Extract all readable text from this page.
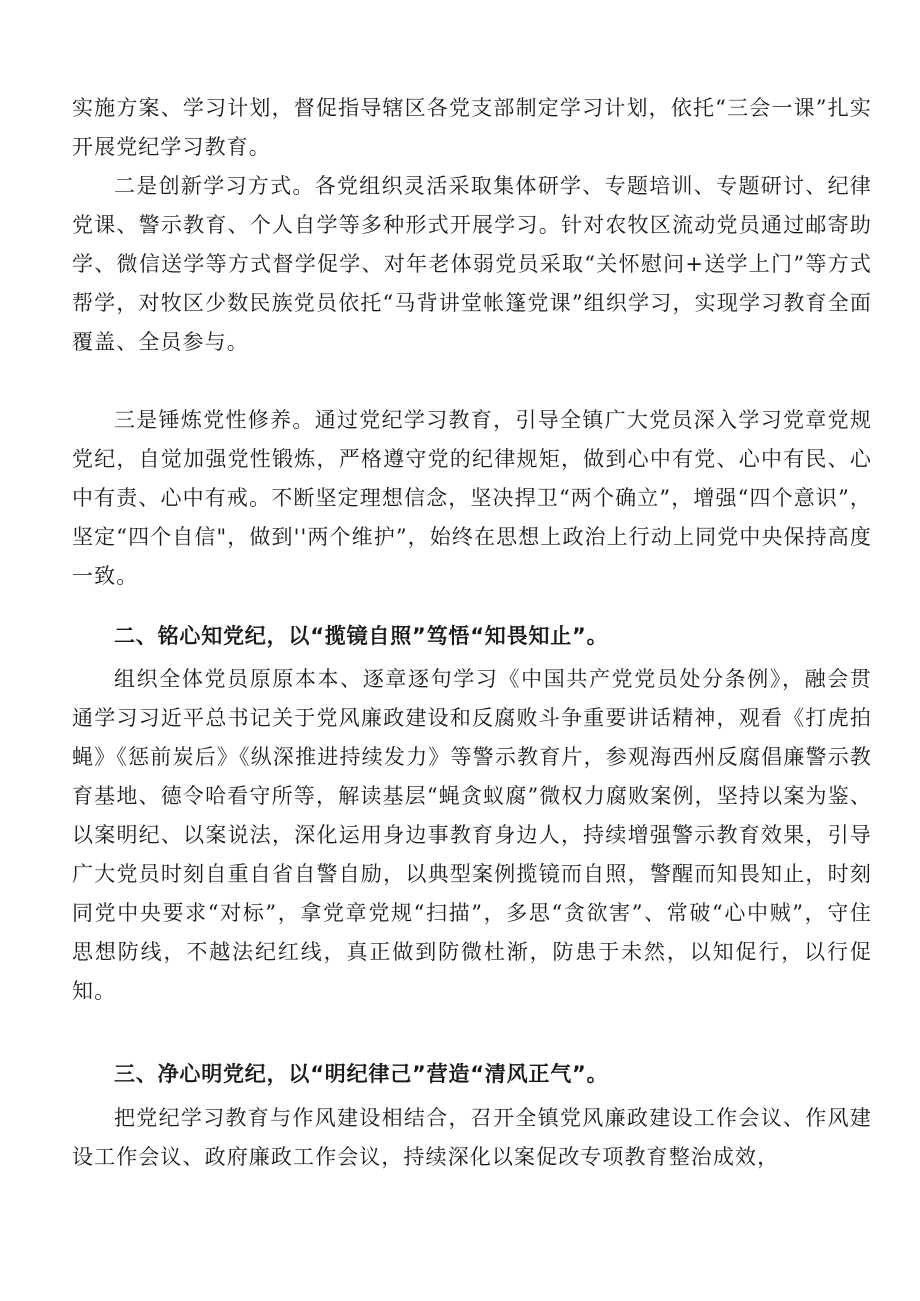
实施方案、学习计划，督促指导辖区各党支部制定学习计划，依托“三会一课”扎实开展党纪学习教育。

二是创新学习方式。各党组织灵活采取集体研学、专题培训、专题研讨、纪律党课、警示教育、个人自学等多种形式开展学习。针对农牧区流动党员通过邮寄助学、微信送学等方式督学促学、对年老体弱党员采取“关怀慰问+送学上门”等方式帮学，对牧区少数民族党员依托“马背讲堂帐篷党课”组织学习，实现学习教育全面覆盖、全员参与。

三是锤炼党性修养。通过党纪学习教育，引导全镇广大党员深入学习党章党规党纪，自觉加强党性锻炼，严格遵守党的纪律规矩，做到心中有党、心中有民、心中有责、心中有戒。不断坚定理想信念，坚决捍卫“两个确立”，增强“四个意识”，坚定“四个自信"，做到''两个维护”，始终在思想上政治上行动上同党中央保持高度一致。

二、铭心知党纪，以“揽镜自照”笃悟“知畏知止”。

组织全体党员原原本本、逐章逐句学习《中国共产党党员处分条例》，融会贯通学习习近平总书记关于党风廉政建设和反腐败斗争重要讲话精神，观看《打虎拍蝇》《惩前炭后》《纵深推进持续发力》等警示教育片，参观海西州反腐倡廉警示教育基地、德令哈看守所等，解读基层“蝇贪蚁腐”微权力腐败案例，坚持以案为鉴、以案明纪、以案说法，深化运用身边事教育身边人，持续增强警示教育效果，引导广大党员时刻自重自省自警自励，以典型案例揽镜而自照，警醒而知畏知止，时刻同党中央要求“对标”，拿党章党规“扫描”，多思“贪欲害”、常破“心中贼”，守住思想防线，不越法纪红线，真正做到防微杜渐，防患于未然，以知促行，以行促知。

三、净心明党纪，以“明纪律己”营造“清风正气”。

把党纪学习教育与作风建设相结合，召开全镇党风廉政建设工作会议、作风建设工作会议、政府廉政工作会议，持续深化以案促改专项教育整治成效，
